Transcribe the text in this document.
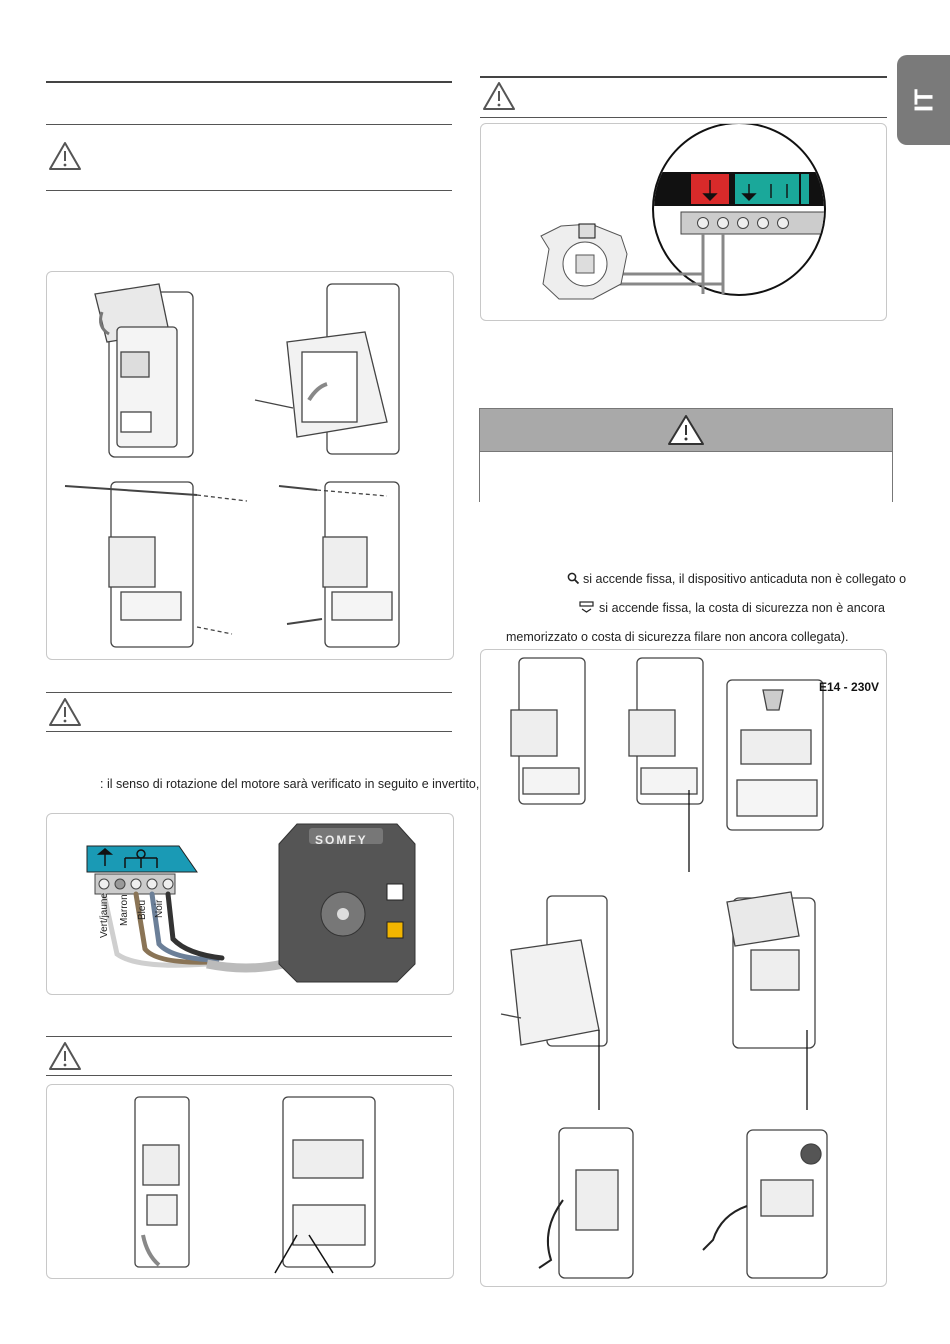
IT
: il senso di rotazione del motore sarà verificato in seguito e invertito,
Vert/jaune Marron Bleu Noir
SOMFY
si accende fissa, il dispositivo anticaduta non è collegato o
si accende fissa, la costa di sicurezza non è ancora
memorizzato o costa di sicurezza filare non ancora collegata).
E14 - 230V
